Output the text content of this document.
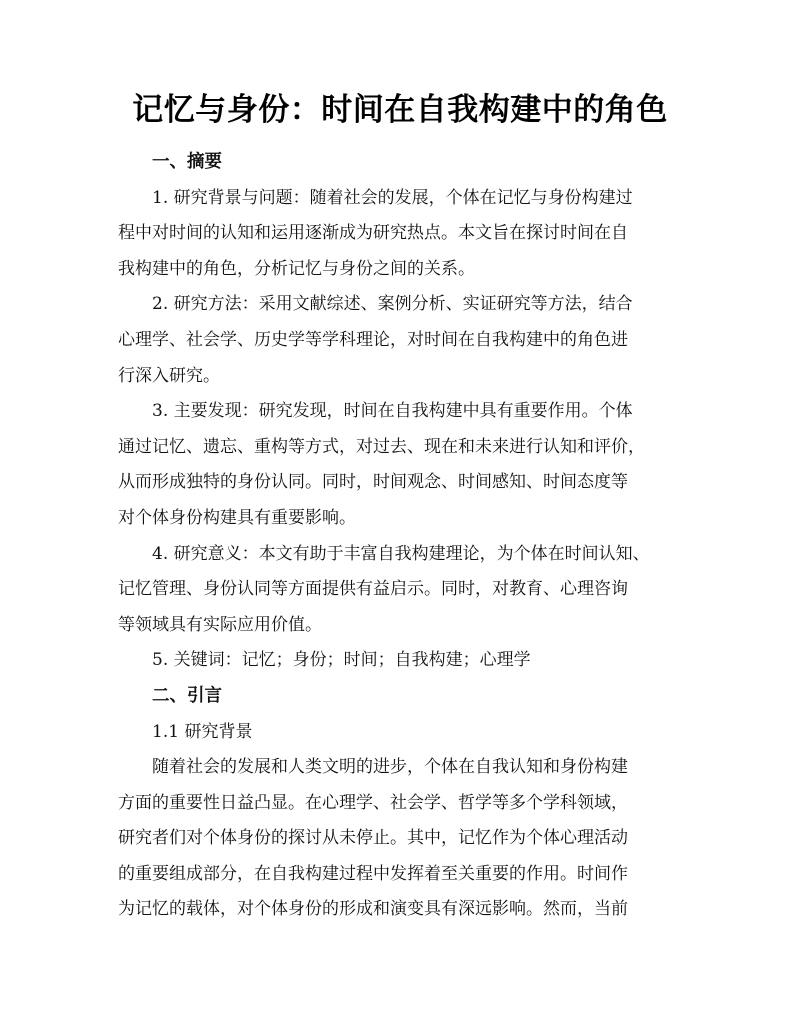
记忆与身份：时间在自我构建中的角色
一、摘要
1. 研究背景与问题：随着社会的发展，个体在记忆与身份构建过
程中对时间的认知和运用逐渐成为研究热点。本文旨在探讨时间在自
我构建中的角色，分析记忆与身份之间的关系。
2. 研究方法：采用文献综述、案例分析、实证研究等方法，结合
心理学、社会学、历史学等学科理论，对时间在自我构建中的角色进
行深入研究。
3. 主要发现：研究发现，时间在自我构建中具有重要作用。个体
通过记忆、遗忘、重构等方式，对过去、现在和未来进行认知和评价，
从而形成独特的身份认同。同时，时间观念、时间感知、时间态度等
对个体身份构建具有重要影响。
4. 研究意义：本文有助于丰富自我构建理论，为个体在时间认知、
记忆管理、身份认同等方面提供有益启示。同时，对教育、心理咨询
等领域具有实际应用价值。
5. 关键词：记忆；身份；时间；自我构建；心理学
二、引言
1.1 研究背景
随着社会的发展和人类文明的进步，个体在自我认知和身份构建
方面的重要性日益凸显。在心理学、社会学、哲学等多个学科领域，
研究者们对个体身份的探讨从未停止。其中，记忆作为个体心理活动
的重要组成部分，在自我构建过程中发挥着至关重要的作用。时间作
为记忆的载体，对个体身份的形成和演变具有深远影响。然而，当前
